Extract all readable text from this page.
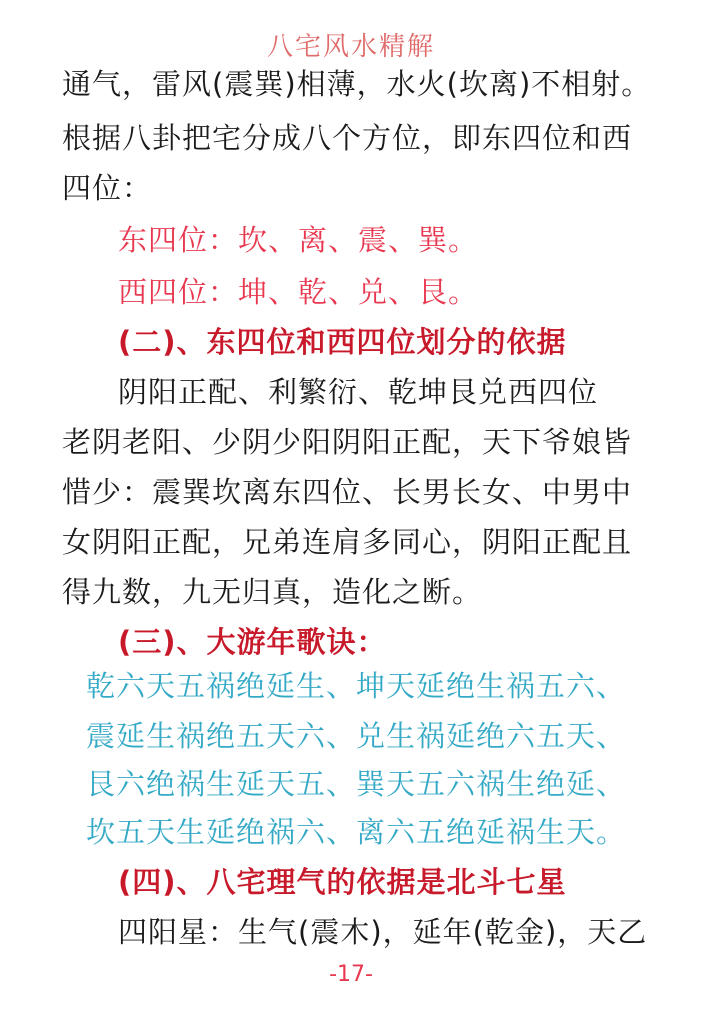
八宅风水精解
通气，雷风(震巽)相薄，水火(坎离)不相射。
根据八卦把宅分成八个方位，即东四位和西
四位：
东四位：坎、离、震、巽。
西四位：坤、乾、兑、艮。
(二)、东四位和西四位划分的依据
阴阳正配、利繁衍、乾坤艮兑西四位
老阴老阳、少阴少阳阴阳正配，天下爷娘皆
惜少：震巽坎离东四位、长男长女、中男中
女阴阳正配，兄弟连肩多同心，阴阳正配且
得九数，九无归真，造化之断。
(三)、大游年歌诀：
乾六天五祸绝延生、坤天延绝生祸五六、
震延生祸绝五天六、兑生祸延绝六五天、
艮六绝祸生延天五、巽天五六祸生绝延、
坎五天生延绝祸六、离六五绝延祸生天。
(四)、八宅理气的依据是北斗七星
四阳星：生气(震木)，延年(乾金)，天乙
-17-
